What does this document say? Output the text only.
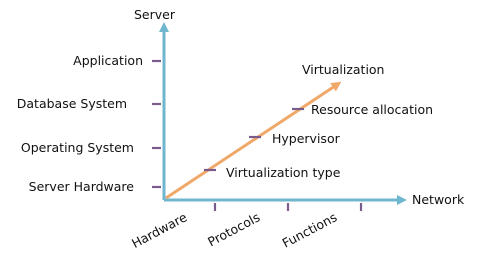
Server
Network
Virtualization
Application
Database System
Operating System
Server Hardware
Hardware Protocols Functions
Virtualization type
Hypervisor
Resource allocation
